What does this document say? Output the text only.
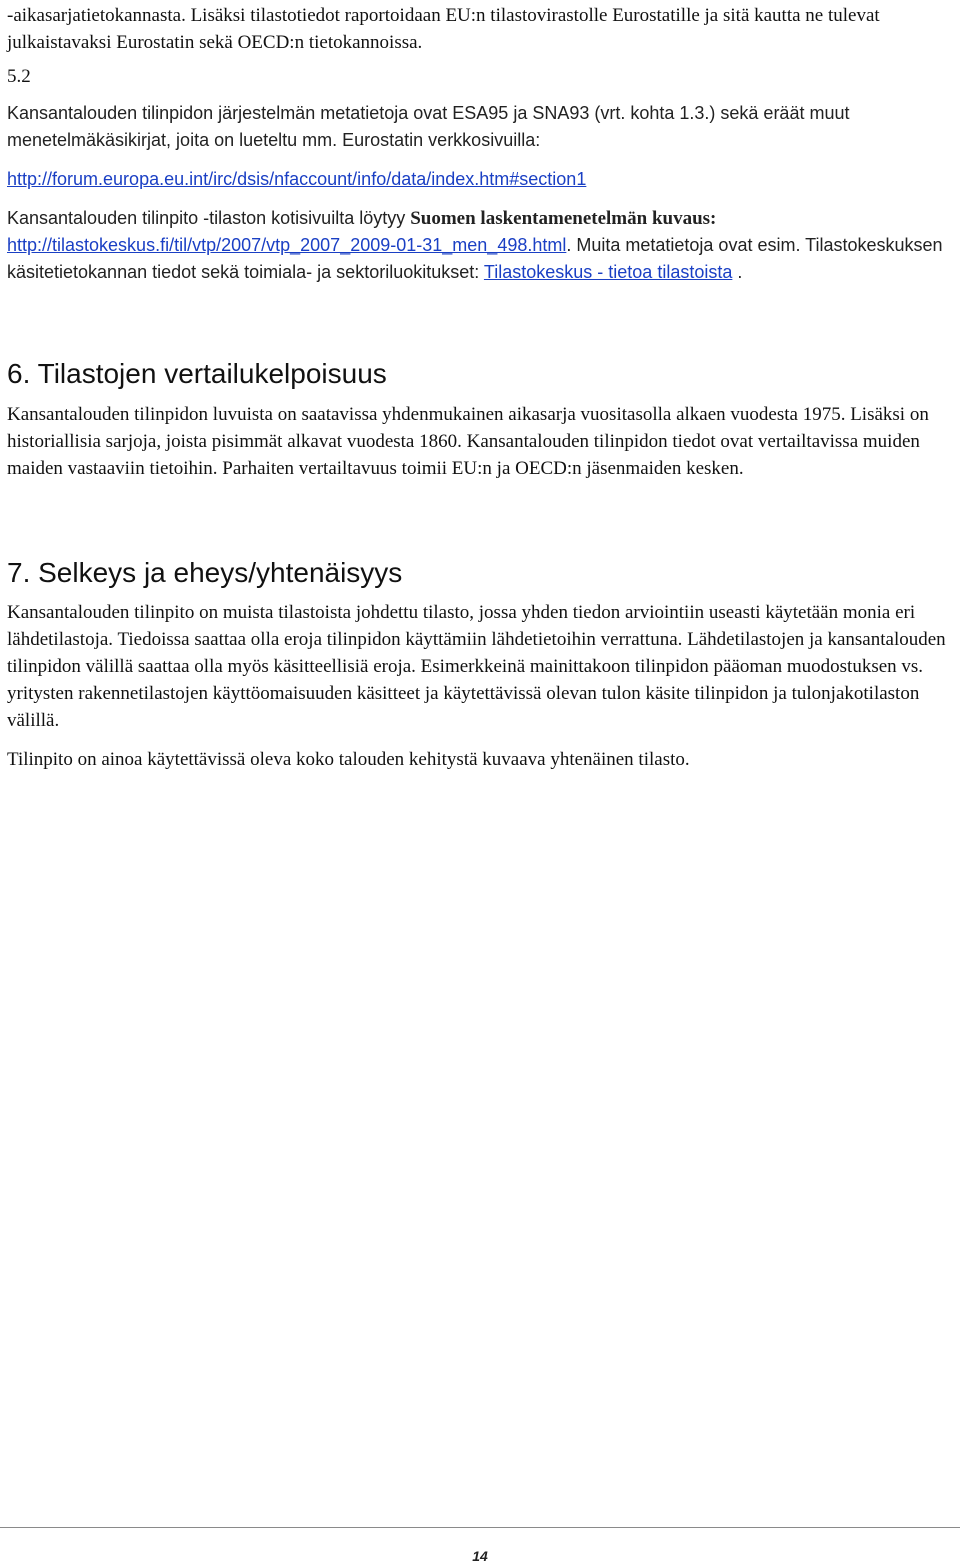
-aikasarjatietokannasta. Lisäksi tilastotiedot raportoidaan EU:n tilastovirastolle Eurostatille ja sitä kautta ne tulevat julkaistavaksi Eurostatin sekä OECD:n tietokannoissa.

5.2

Kansantalouden tilinpidon järjestelmän metatietoja ovat ESA95 ja SNA93 (vrt. kohta 1.3.) sekä eräät muut menetelmäkäsikirjat, joita on lueteltu mm. Eurostatin verkkosivuilla:

http://forum.europa.eu.int/irc/dsis/nfaccount/info/data/index.htm#section1

Kansantalouden tilinpito -tilaston kotisivuilta löytyy Suomen laskentamenetelmän kuvaus:
http://tilastokeskus.fi/til/vtp/2007/vtp_2007_2009-01-31_men_498.html. Muita metatietoja ovat esim. Tilastokeskuksen käsitetietokannan tiedot sekä toimiala- ja sektoriluokitukset: Tilastokeskus - tietoa tilastoista .

6. Tilastojen vertailukelpoisuus

Kansantalouden tilinpidon luvuista on saatavissa yhdenmukainen aikasarja vuositasolla alkaen vuodesta 1975. Lisäksi on historiallisia sarjoja, joista pisimmät alkavat vuodesta 1860. Kansantalouden tilinpidon tiedot ovat vertailtavissa muiden maiden vastaaviin tietoihin. Parhaiten vertailtavuus toimii EU:n ja OECD:n jäsenmaiden kesken.

7. Selkeys ja eheys/yhtenäisyys

Kansantalouden tilinpito on muista tilastoista johdettu tilasto, jossa yhden tiedon arviointiin useasti käytetään monia eri lähdetilastoja. Tiedoissa saattaa olla eroja tilinpidon käyttämiin lähdetietoihin verrattuna. Lähdetilastojen ja kansantalouden tilinpidon välillä saattaa olla myös käsitteellisiä eroja. Esimerkkeinä mainittakoon tilinpidon pääoman muodostuksen vs. yritysten rakennetilastojen käyttöomaisuuden käsitteet ja käytettävissä olevan tulon käsite tilinpidon ja tulonjakotilaston välillä.

Tilinpito on ainoa käytettävissä oleva koko talouden kehitystä kuvaava yhtenäinen tilasto.

14
